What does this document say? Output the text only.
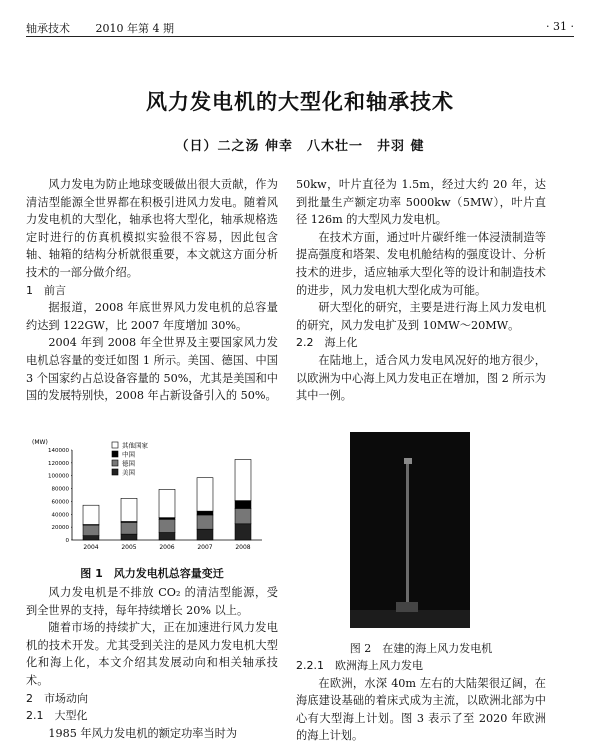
轴承技术 2010 年第 4 期	· 31 ·
风力发电机的大型化和轴承技术
（日）二之汤 伸幸　八木壮一　井羽 健

风力发电为防止地球变暖做出很大贡献，作为清洁型能源全世界都在积极引进风力发电。随着风力发电机的大型化，轴承也将大型化，轴承规格选定时进行的仿真机模拟实验很不容易，因此包含轴、轴箱的结构分析就很重要，本文就这方面分析技术的一部分做介绍。

1　前言

据报道，2008 年底世界风力发电机的总容量约达到 122GW，比 2007 年度增加 30%。

2004 年到 2008 年全世界及主要国家风力发电机总容量的变迁如图 1 所示。美国、德国、中国 3 个国家约占总设备容量的 50%，尤其是美国和中国的发展特别快，2008 年占新设备引入的 50%。

(MW)
140000
120000
100000
80000
60000
40000
20000
0
2004	2005	2006	2007	2008
其他国家
中国
德国
美国
图 1　风力发电机总容量变迁

风力发电机是不排放 CO₂ 的清洁型能源，受到全世界的支持，每年持续增长 20% 以上。

随着市场的持续扩大，正在加速进行风力发电机的技术开发。尤其受到关注的是风力发电机大型化和海上化，本文介绍其发展动向和相关轴承技术。

2　市场动向

2.1　大型化

1985 年风力发电机的额定功率当时为

50kw，叶片直径为 1.5m，经过大约 20 年，达到批量生产额定功率 5000kw（5MW），叶片直径 126m 的大型风力发电机。

在技术方面，通过叶片碳纤维一体浸渍制造等提高强度和塔架、发电机舱结构的强度设计、分析技术的进步，适应轴承大型化等的设计和制造技术的进步，风力发电机大型化成为可能。

研大型化的研究，主要是进行海上风力发电机的研究，风力发电扩及到 10MW～20MW。

2.2　海上化

在陆地上，适合风力发电风况好的地方很少，以欧洲为中心海上风力发电正在增加，图 2 所示为其中一例。

图 2　在建的海上风力发电机

2.2.1　欧洲海上风力发电

在欧洲，水深 40m 左右的大陆架很辽阔，在海底建设基础的着床式成为主流，以欧洲北部为中心有大型海上计划。图 3 表示了至 2020 年欧洲的海上计划。
